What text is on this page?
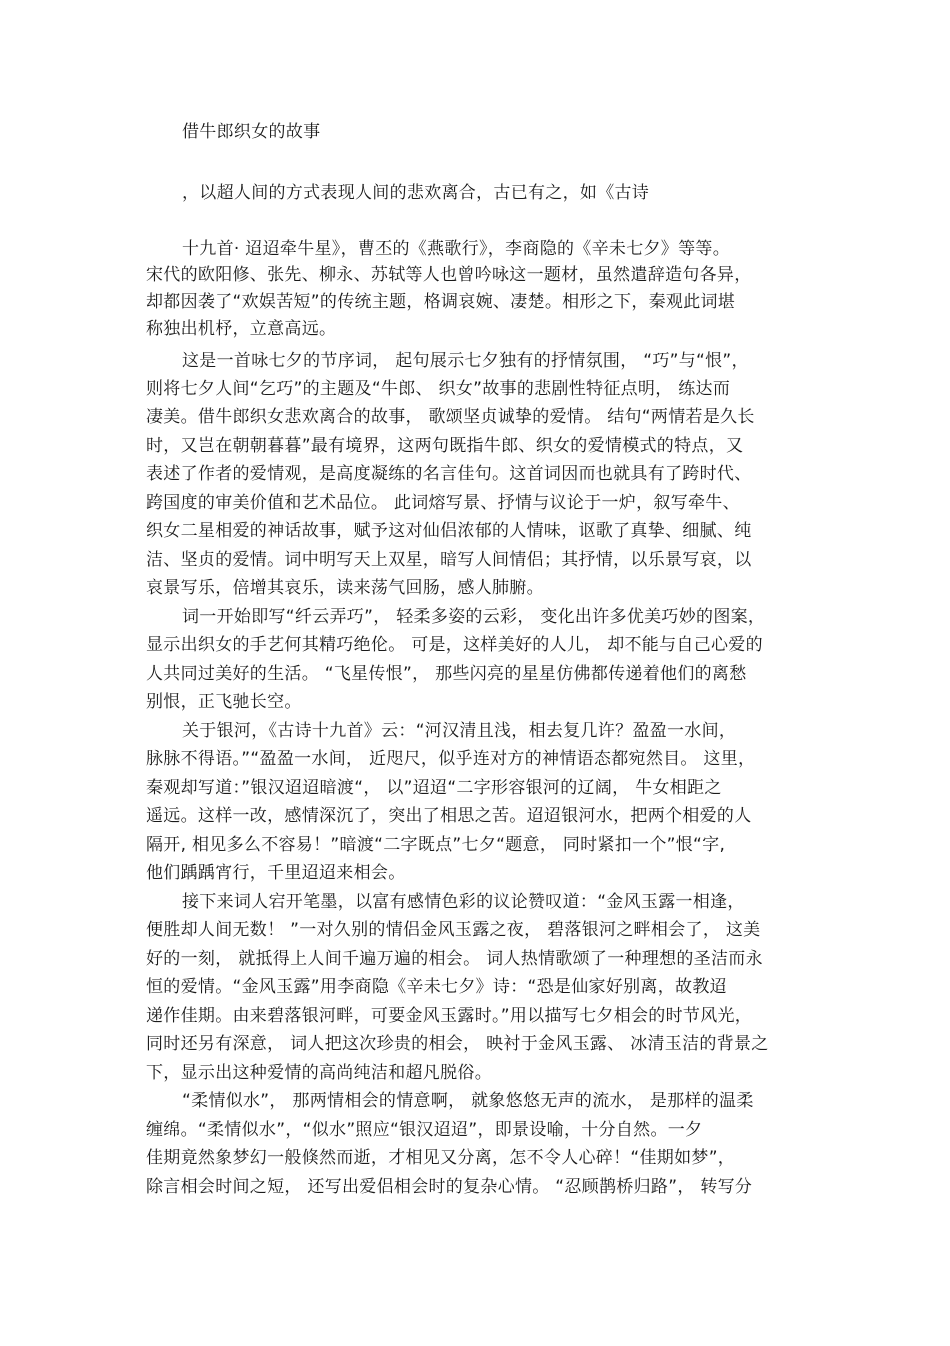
借牛郎织女的故事
，以超人间的方式表现人间的悲欢离合，古已有之，如《古诗
十九首· 迢迢牵牛星》，曹丕的《燕歌行》，李商隐的《辛未七夕》等等。
宋代的欧阳修、张先、柳永、苏轼等人也曾吟咏这一题材，虽然遣辞造句各异，
却都因袭了“欢娱苦短”的传统主题，格调哀婉、凄楚。相形之下，秦观此词堪
称独出机杼，立意高远。
这是一首咏七夕的节序词， 起句展示七夕独有的抒情氛围， “巧”与“恨”，
则将七夕人间“乞巧”的主题及“牛郎、 织女”故事的悲剧性特征点明， 练达而
凄美。借牛郎织女悲欢离合的故事， 歌颂坚贞诚挚的爱情。 结句“两情若是久长
时，又岂在朝朝暮暮”最有境界，这两句既指牛郎、织女的爱情模式的特点，又
表述了作者的爱情观，是高度凝练的名言佳句。这首词因而也就具有了跨时代、
跨国度的审美价值和艺术品位。 此词熔写景、抒情与议论于一炉，叙写牵牛、
织女二星相爱的神话故事，赋予这对仙侣浓郁的人情味，讴歌了真挚、细腻、纯
洁、坚贞的爱情。词中明写天上双星，暗写人间情侣；其抒情，以乐景写哀，以
哀景写乐，倍增其哀乐，读来荡气回肠，感人肺腑。
词一开始即写“纤云弄巧”， 轻柔多姿的云彩， 变化出许多优美巧妙的图案，
显示出织女的手艺何其精巧绝伦。 可是，这样美好的人儿， 却不能与自己心爱的
人共同过美好的生活。 “飞星传恨”， 那些闪亮的星星仿佛都传递着他们的离愁
别恨，正飞驰长空。
关于银河，《古诗十九首》云：“河汉清且浅，相去复几许？盈盈一水间，
脉脉不得语。”“盈盈一水间， 近咫尺，似乎连对方的神情语态都宛然目。 这里，
秦观却写道：”银汉迢迢暗渡“， 以”迢迢“二字形容银河的辽阔， 牛女相距之
遥远。这样一改，感情深沉了，突出了相思之苦。迢迢银河水，把两个相爱的人
隔开, 相见多么不容易！”暗渡“二字既点”七夕“题意， 同时紧扣一个”恨“字,
他们踽踽宵行，千里迢迢来相会。
接下来词人宕开笔墨，以富有感情色彩的议论赞叹道：“金风玉露一相逢，
便胜却人间无数！ ”一对久别的情侣金风玉露之夜， 碧落银河之畔相会了， 这美
好的一刻， 就抵得上人间千遍万遍的相会。 词人热情歌颂了一种理想的圣洁而永
恒的爱情。“金风玉露”用李商隐《辛未七夕》诗：“恐是仙家好别离，故教迢
递作佳期。由来碧落银河畔，可要金风玉露时。”用以描写七夕相会的时节风光，
同时还另有深意， 词人把这次珍贵的相会， 映衬于金风玉露、 冰清玉洁的背景之
下，显示出这种爱情的高尚纯洁和超凡脱俗。
“柔情似水”， 那两情相会的情意啊， 就象悠悠无声的流水， 是那样的温柔
缠绵。“柔情似水”，“似水”照应“银汉迢迢”，即景设喻，十分自然。一夕
佳期竟然象梦幻一般倏然而逝，才相见又分离，怎不令人心碎！“佳期如梦”，
除言相会时间之短， 还写出爱侣相会时的复杂心情。 “忍顾鹊桥归路”， 转写分
